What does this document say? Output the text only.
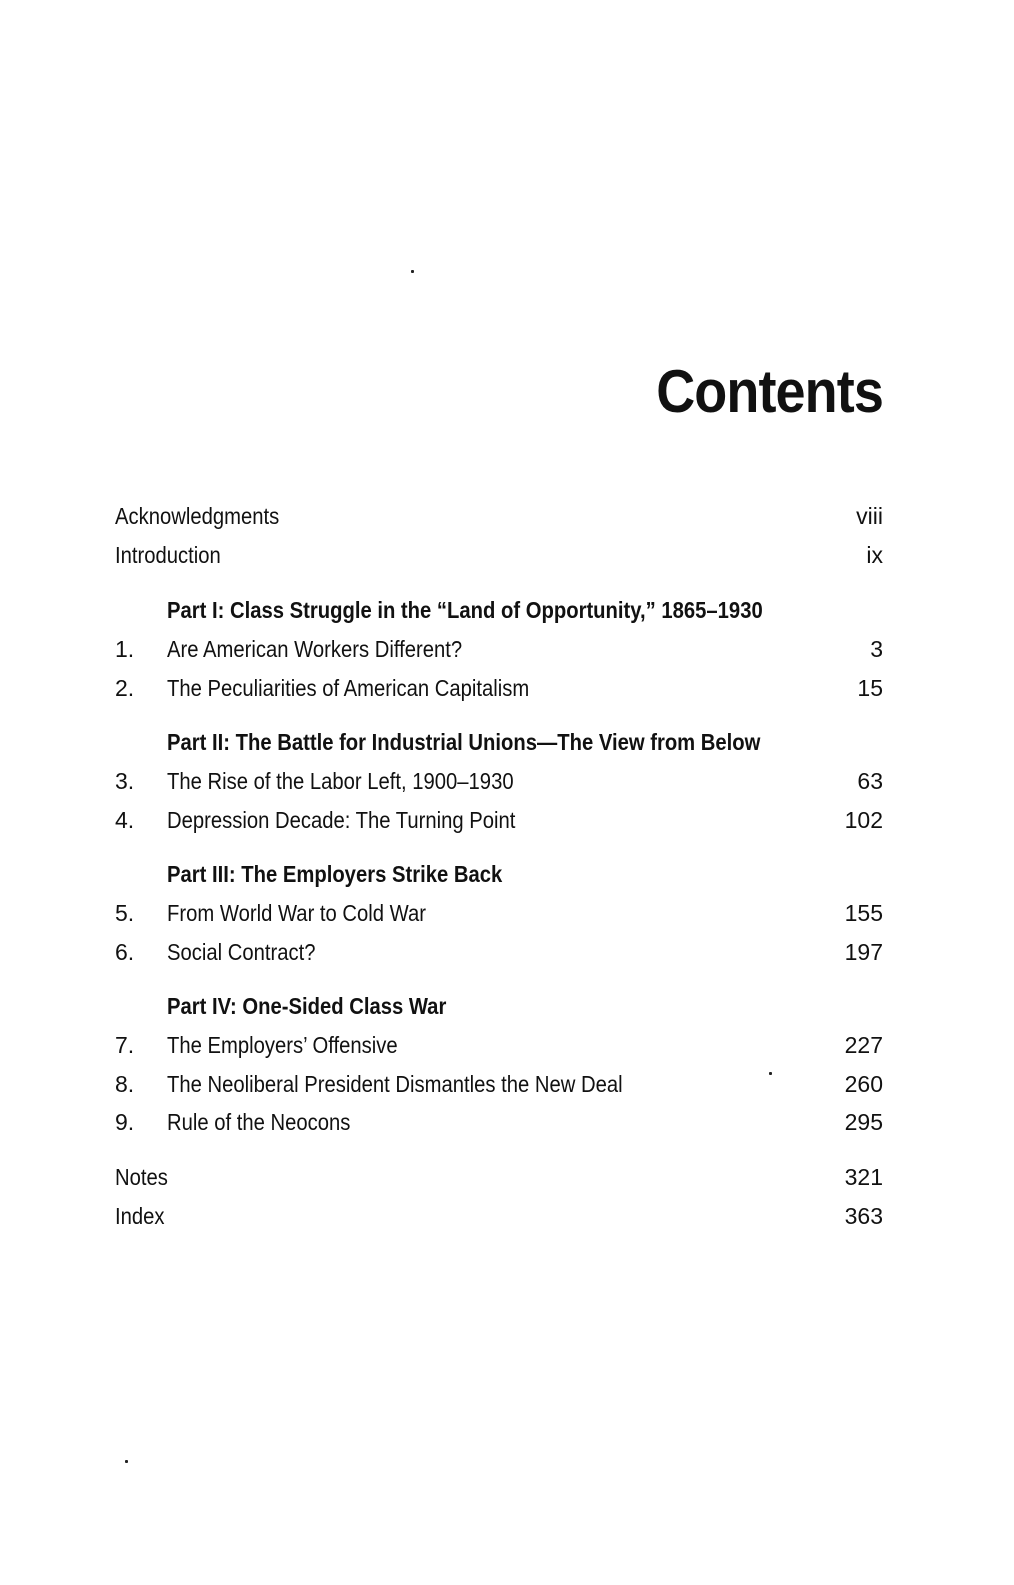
Contents
Acknowledgments	viii
Introduction	ix
Part I: Class Struggle in the “Land of Opportunity,” 1865–1930
1.	Are American Workers Different?	3
2.	The Peculiarities of American Capitalism	15
Part II: The Battle for Industrial Unions—The View from Below
3.	The Rise of the Labor Left, 1900–1930	63
4.	Depression Decade: The Turning Point	102
Part III: The Employers Strike Back
5.	From World War to Cold War	155
6.	Social Contract?	197
Part IV: One-Sided Class War
7.	The Employers’ Offensive	227
8.	The Neoliberal President Dismantles the New Deal	260
9.	Rule of the Neocons	295
Notes	321
Index	363
